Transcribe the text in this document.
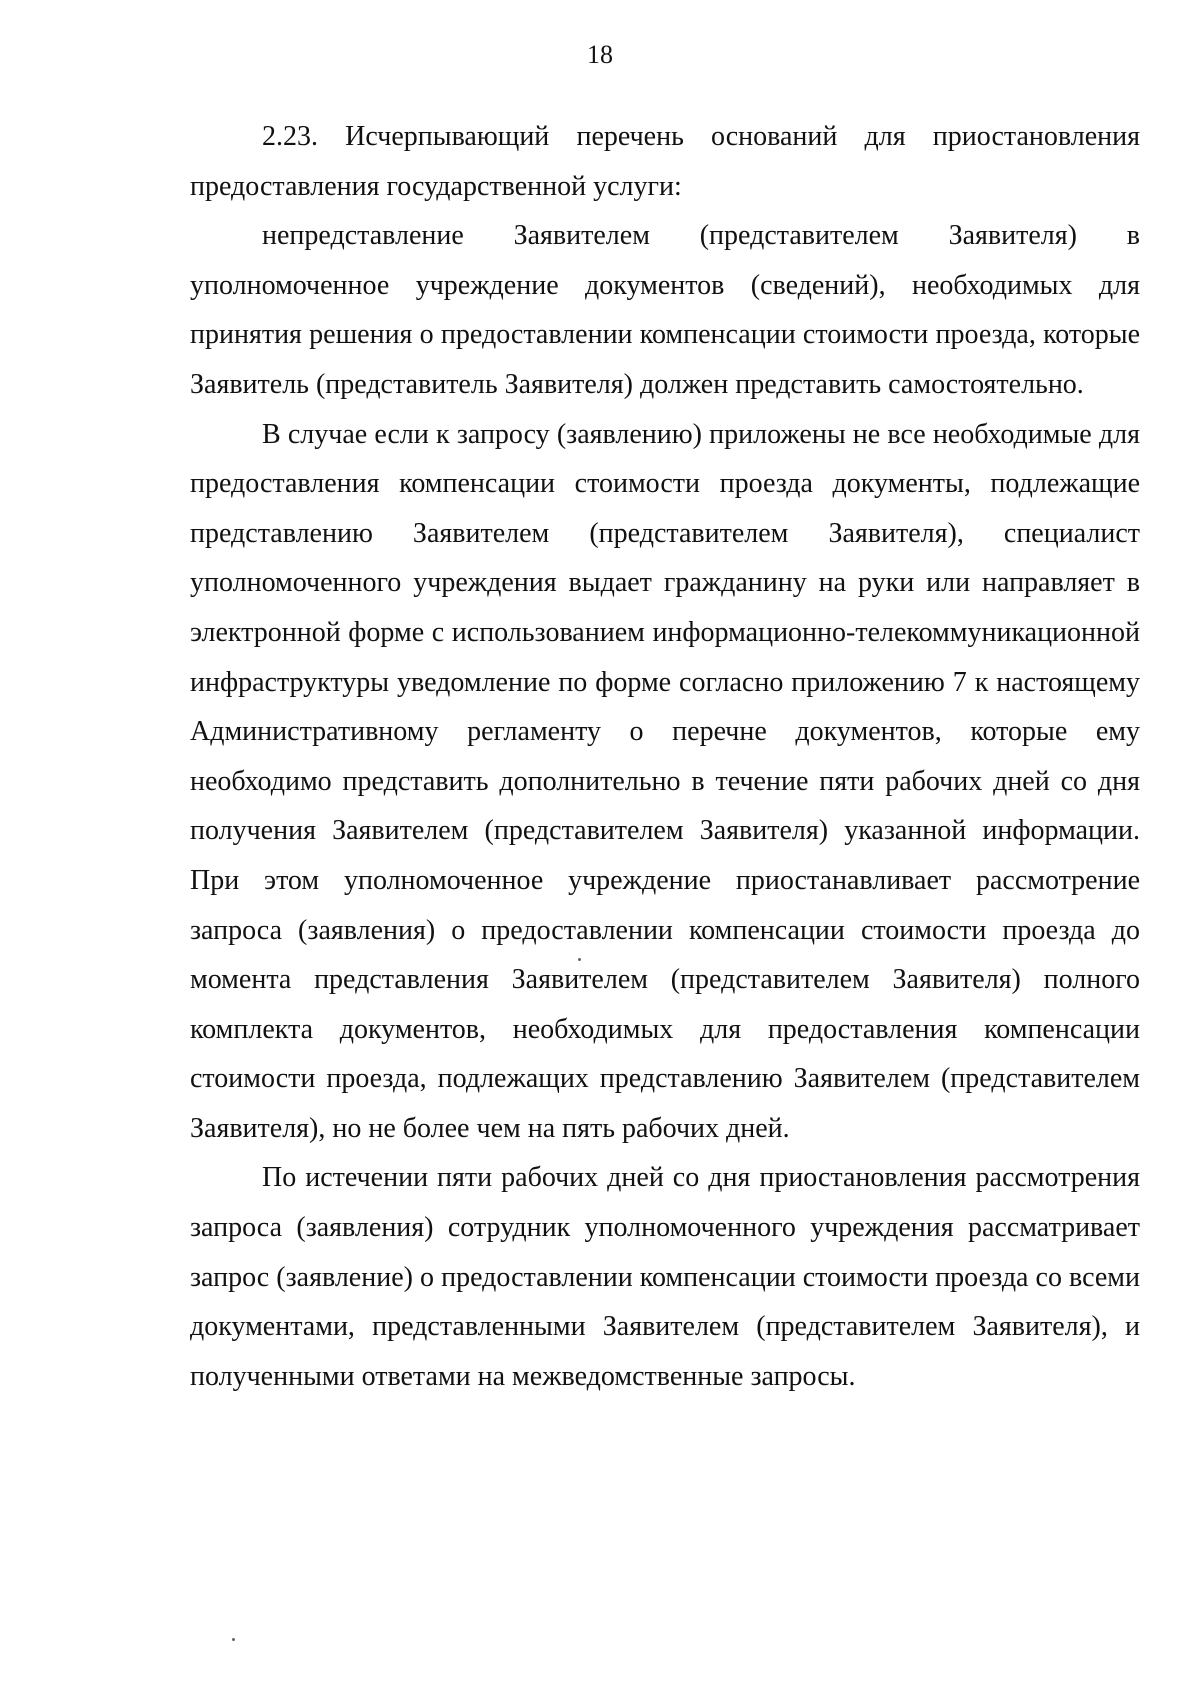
18

2.23. Исчерпывающий перечень оснований для приостановления предоставления государственной услуги:

непредставление Заявителем (представителем Заявителя) в уполномоченное учреждение документов (сведений), необходимых для принятия решения о предоставлении компенсации стоимости проезда, которые Заявитель (представитель Заявителя) должен представить самостоятельно.

В случае если к запросу (заявлению) приложены не все необходимые для предоставления компенсации стоимости проезда документы, подлежащие представлению Заявителем (представителем Заявителя), специалист уполномоченного учреждения выдает гражданину на руки или направляет в электронной форме с использованием информационно-телекоммуникационной инфраструктуры уведомление по форме согласно приложению 7 к настоящему Административному регламенту о перечне документов, которые ему необходимо представить дополнительно в течение пяти рабочих дней со дня получения Заявителем (представителем Заявителя) указанной информации. При этом уполномоченное учреждение приостанавливает рассмотрение запроса (заявления) о предоставлении компенсации стоимости проезда до момента представления Заявителем (представителем Заявителя) полного комплекта документов, необходимых для предоставления компенсации стоимости проезда, подлежащих представлению Заявителем (представителем Заявителя), но не более чем на пять рабочих дней.

По истечении пяти рабочих дней со дня приостановления рассмотрения запроса (заявления) сотрудник уполномоченного учреждения рассматривает запрос (заявление) о предоставлении компенсации стоимости проезда со всеми документами, представленными Заявителем (представителем Заявителя), и полученными ответами на межведомственные запросы.
